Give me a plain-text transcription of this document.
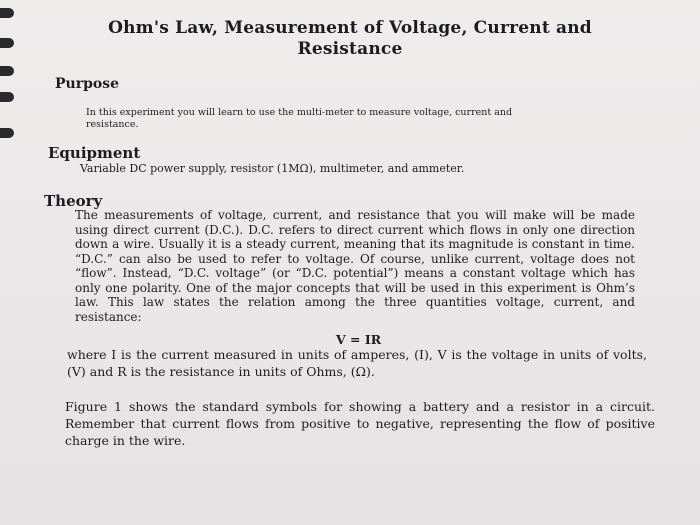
Ohm's Law, Measurement of Voltage, Current and
Resistance
Purpose
In this experiment you will learn to use the multi-meter to measure voltage, current and resistance.
Equipment
Variable DC power supply, resistor (1MΩ), multimeter, and ammeter.
Theory
The measurements of voltage, current, and resistance that you will make will be made using direct current (D.C.). D.C. refers to direct current which flows in only one direction down a wire. Usually it is a steady current, meaning that its magnitude is constant in time. “D.C.” can also be used to refer to voltage. Of course, unlike current, voltage does not “flow”. Instead, “D.C. voltage” (or “D.C. potential”) means a constant voltage which has only one polarity. One of the major concepts that will be used in this experiment is Ohm’s law. This law states the relation among the three quantities voltage, current, and resistance:
V = IR
where I is the current measured in units of amperes, (I), V is the voltage in units of volts, (V) and R is the resistance in units of Ohms, (Ω).
Figure 1 shows the standard symbols for showing a battery and a resistor in a circuit. Remember that current flows from positive to negative, representing the flow of positive charge in the wire.
